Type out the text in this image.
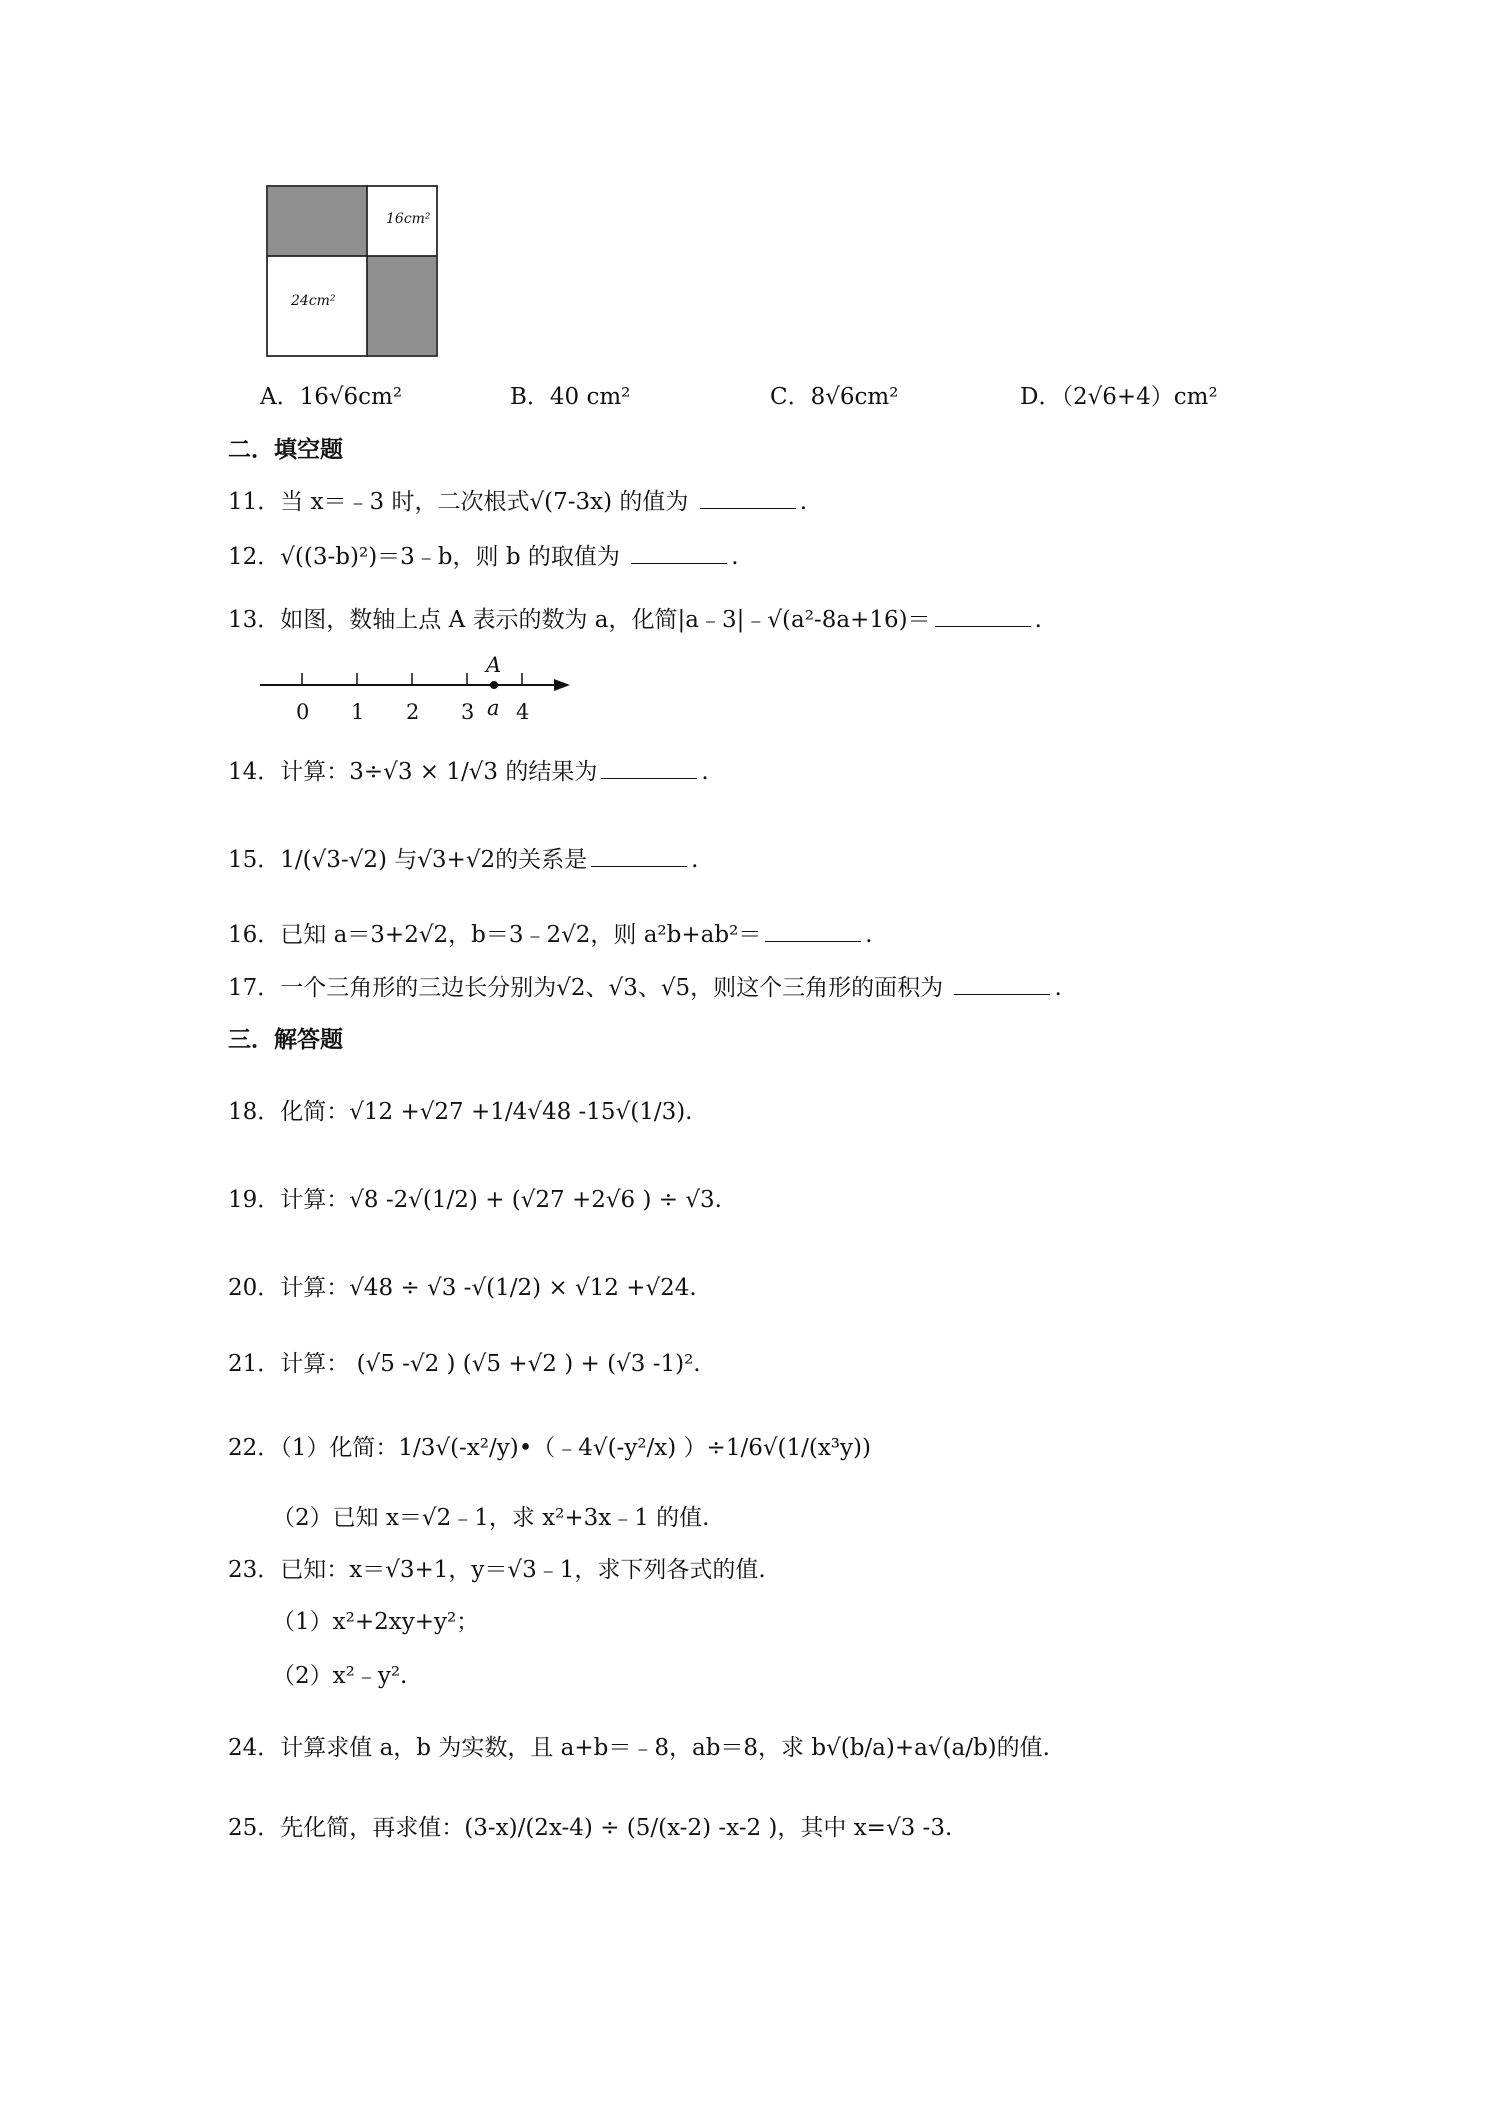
16cm²
24cm²
A．16√6cm²	B．40 cm²	C．8√6cm²	D．（2√6+4）cm²
二．填空题
11．当 x＝﹣3 时，二次根式√(7-3x) 的值为	.
12．√((3-b)²)＝3﹣b，则 b 的取值为	.
13．如图，数轴上点 A 表示的数为 a，化简|a﹣3|﹣√(a²-8a+16)＝	.
0 1 2 3 4
A
a
14．计算：3÷√3 × 1/√3 的结果为	.
15．1/(√3-√2) 与√3+√2的关系是	.
16．已知 a＝3+2√2，b＝3﹣2√2，则 a²b+ab²＝	.
17．一个三角形的三边长分别为√2、√3、√5，则这个三角形的面积为	.
三．解答题
18．化简：√12 +√27 +1/4√48 -15√(1/3).
19．计算：√8 -2√(1/2) + (√27 +2√6 ) ÷ √3.
20．计算：√48 ÷ √3 -√(1/2) × √12 +√24.
21．计算： (√5 -√2 ) (√5 +√2 ) + (√3 -1)².
22．（1）化简：1/3√(-x²/y)•（﹣4√(-y²/x) ）÷1/6√(1/(x³y))
（2）已知 x＝√2﹣1，求 x²+3x﹣1 的值.
23．已知：x＝√3+1，y＝√3﹣1，求下列各式的值.
（1）x²+2xy+y²；
（2）x²﹣y².
24．计算求值 a，b 为实数，且 a+b＝﹣8，ab＝8，求 b√(b/a)+a√(a/b)的值.
25．先化简，再求值：(3-x)/(2x-4) ÷ (5/(x-2) -x-2 )，其中 x=√3 -3.
